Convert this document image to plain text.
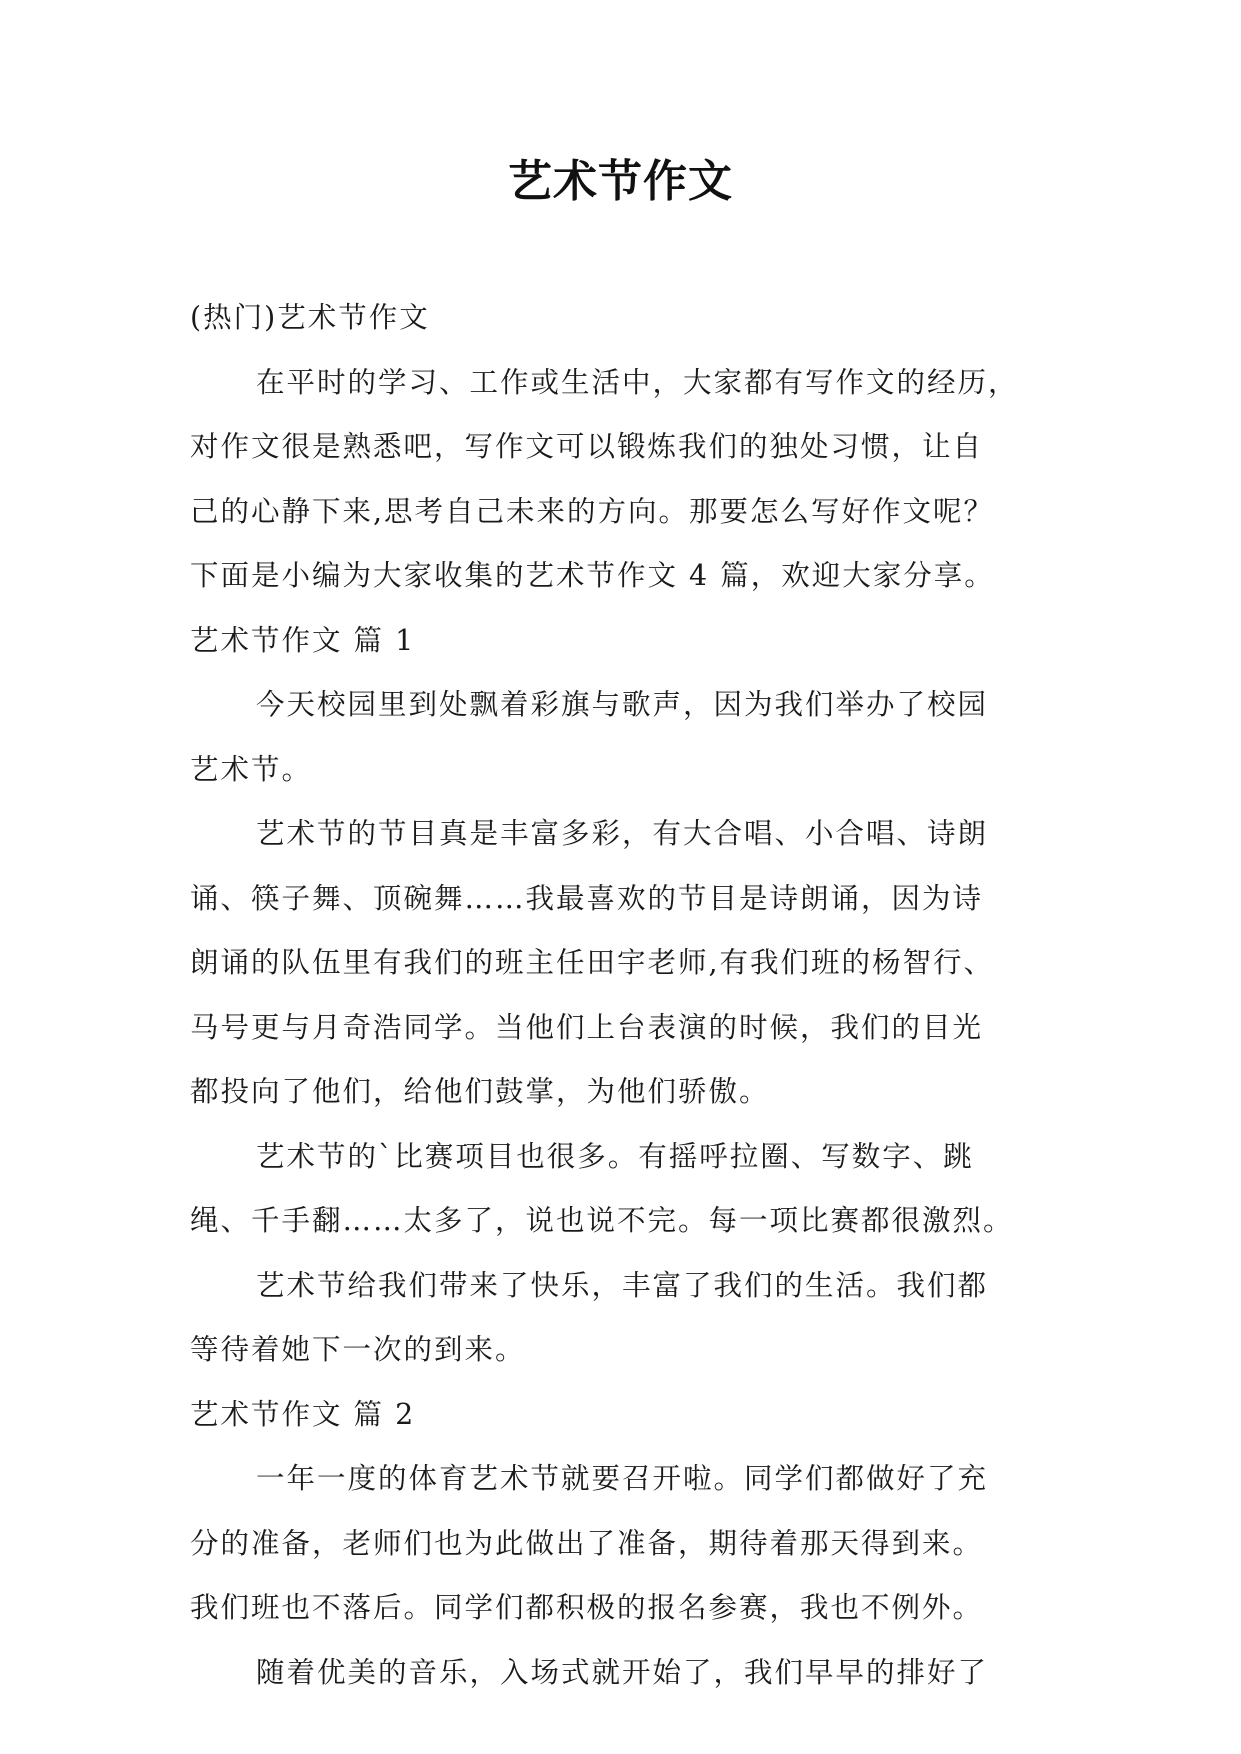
艺术节作文
(热门)艺术节作文
在平时的学习、工作或生活中，大家都有写作文的经历，
对作文很是熟悉吧，写作文可以锻炼我们的独处习惯，让自
己的心静下来,思考自己未来的方向。那要怎么写好作文呢？
下面是小编为大家收集的艺术节作文 4 篇，欢迎大家分享。
艺术节作文 篇 1
今天校园里到处飘着彩旗与歌声，因为我们举办了校园
艺术节。
艺术节的节目真是丰富多彩，有大合唱、小合唱、诗朗
诵、筷子舞、顶碗舞……我最喜欢的节目是诗朗诵，因为诗
朗诵的队伍里有我们的班主任田宇老师,有我们班的杨智行、
马号更与月奇浩同学。当他们上台表演的时候，我们的目光
都投向了他们，给他们鼓掌，为他们骄傲。
艺术节的`比赛项目也很多。有摇呼拉圈、写数字、跳
绳、千手翻……太多了，说也说不完。每一项比赛都很激烈。
艺术节给我们带来了快乐，丰富了我们的生活。我们都
等待着她下一次的到来。
艺术节作文 篇 2
一年一度的体育艺术节就要召开啦。同学们都做好了充
分的准备，老师们也为此做出了准备，期待着那天得到来。
我们班也不落后。同学们都积极的报名参赛，我也不例外。
随着优美的音乐，入场式就开始了，我们早早的排好了
